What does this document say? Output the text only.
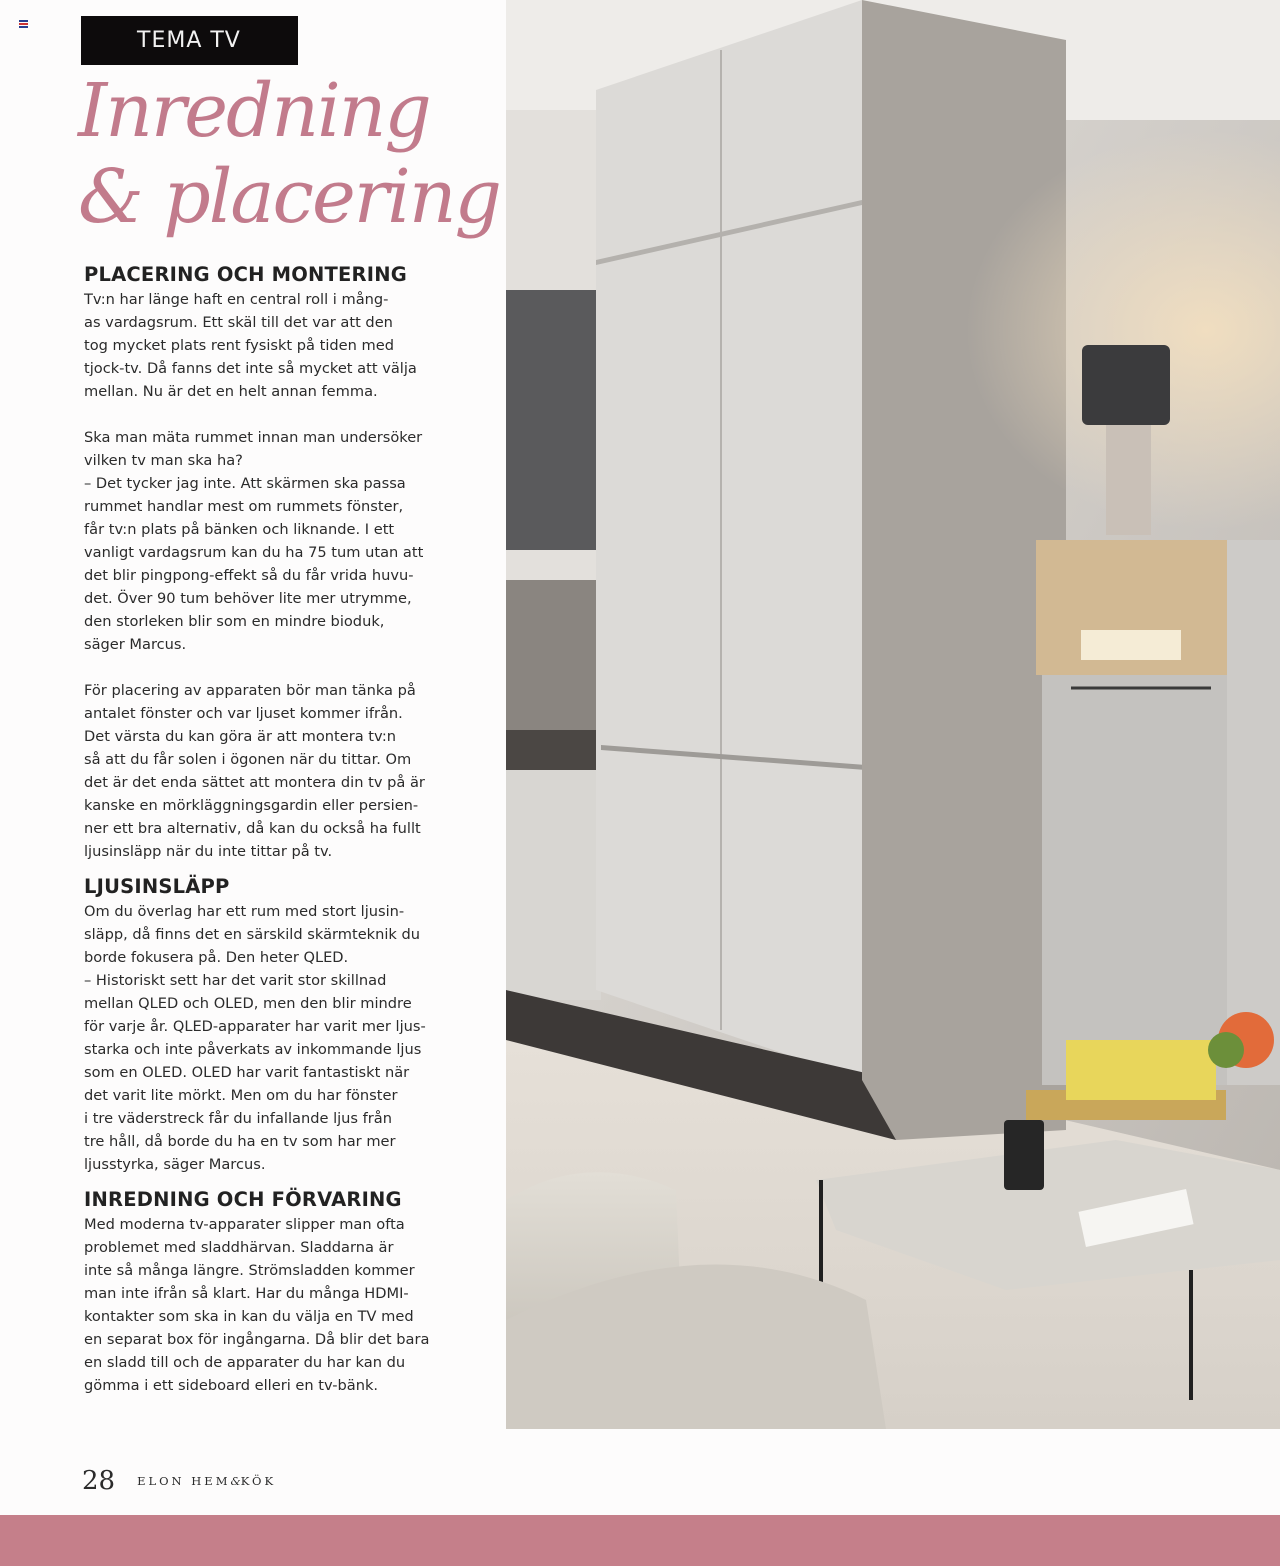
TEMA TV
Inredning
& placering
PLACERING OCH MONTERING

Tv:n har länge haft en central roll i mång-
as vardagsrum. Ett skäl till det var att den
tog mycket plats rent fysiskt på tiden med
tjock-tv. Då fanns det inte så mycket att välja
mellan. Nu är det en helt annan femma.

Ska man mäta rummet innan man undersöker
vilken tv man ska ha?
– Det tycker jag inte. Att skärmen ska passa
rummet handlar mest om rummets fönster,
får tv:n plats på bänken och liknande. I ett
vanligt vardagsrum kan du ha 75 tum utan att
det blir pingpong-effekt så du får vrida huvu-
det. Över 90 tum behöver lite mer utrymme,
den storleken blir som en mindre bioduk,
säger Marcus.

För placering av apparaten bör man tänka på
antalet fönster och var ljuset kommer ifrån.
Det värsta du kan göra är att montera tv:n
så att du får solen i ögonen när du tittar. Om
det är det enda sättet att montera din tv på är
kanske en mörkläggningsgardin eller persien-
ner ett bra alternativ, då kan du också ha fullt
ljusinsläpp när du inte tittar på tv.

LJUSINSLÄPP

Om du överlag har ett rum med stort ljusin-
släpp, då finns det en särskild skärmteknik du
borde fokusera på. Den heter QLED.
– Historiskt sett har det varit stor skillnad
mellan QLED och OLED, men den blir mindre
för varje år. QLED-apparater har varit mer ljus-
starka och inte påverkats av inkommande ljus
som en OLED. OLED har varit fantastiskt när
det varit lite mörkt. Men om du har fönster
i tre väderstreck får du infallande ljus från
tre håll, då borde du ha en tv som har mer
ljusstyrka, säger Marcus.

INREDNING OCH FÖRVARING

Med moderna tv-apparater slipper man ofta
problemet med sladdhärvan. Sladdarna är
inte så många längre. Strömsladden kommer
man inte ifrån så klart. Har du många HDMI-
kontakter som ska in kan du välja en TV med
en separat box för ingångarna. Då blir det bara
en sladd till och de apparater du har kan du
gömma i ett sideboard elleri en tv-bänk.

28 ELON HEM&KÖK
